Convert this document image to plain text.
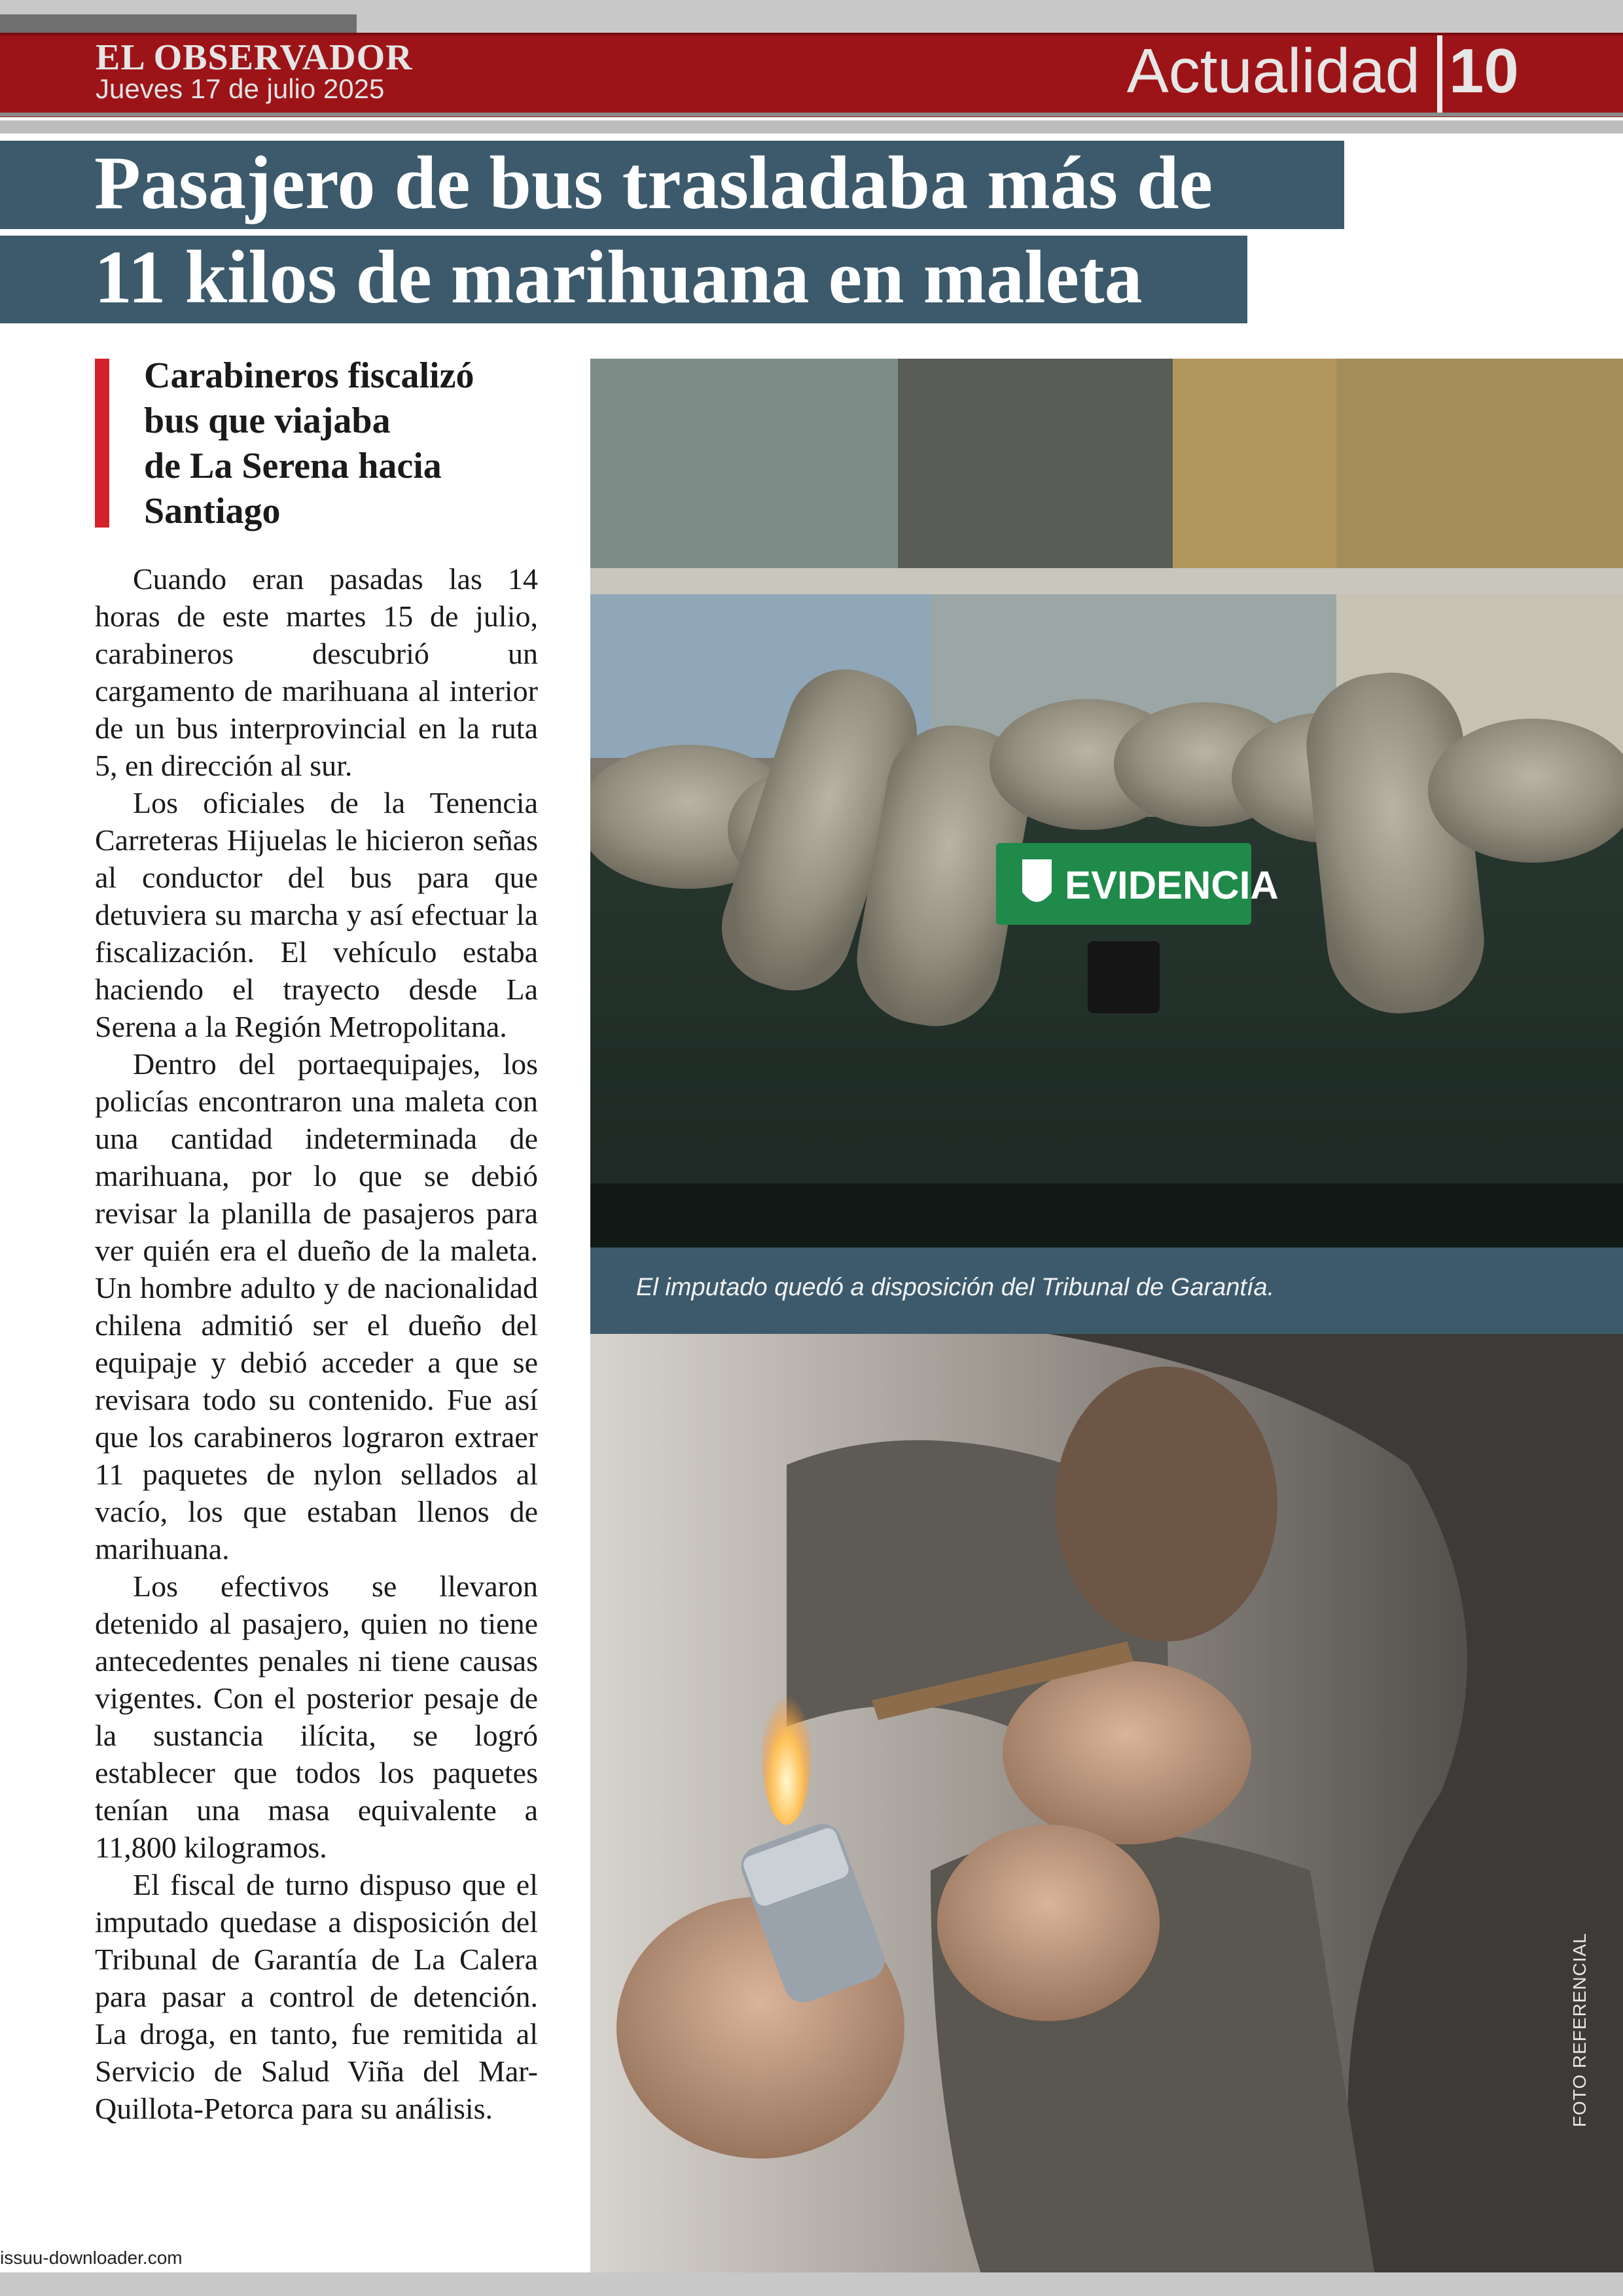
EL OBSERVADOR
Jueves 17 de julio 2025	Actualidad 10
Pasajero de bus trasladaba más de
11 kilos de marihuana en maleta
Carabineros fiscalizó
bus que viajaba
de La Serena hacia
Santiago

Cuando eran pasadas las 14 horas de este martes 15 de julio, carabineros descubrió un cargamento de marihuana al interior de un bus interprovincial en la ruta 5, en dirección al sur.

Los oficiales de la Tenencia Carreteras Hijuelas le hicieron señas al conductor del bus para que detuviera su marcha y así efectuar la fiscalización. El vehículo estaba haciendo el trayecto desde La Serena a la Región Metropolitana.

Dentro del portaequipajes, los policías encontraron una maleta con una cantidad indeterminada de marihuana, por lo que se debió revisar la planilla de pasajeros para ver quién era el dueño de la maleta. Un hombre adulto y de nacionalidad chilena admitió ser el dueño del equipaje y debió acceder a que se revisara todo su contenido. Fue así que los carabineros lograron extraer 11 paquetes de nylon sellados al vacío, los que estaban llenos de marihuana.

Los efectivos se llevaron detenido al pasajero, quien no tiene antecedentes penales ni tiene causas vigentes. Con el posterior pesaje de la sustancia ilícita, se logró establecer que todos los paquetes tenían una masa equivalente a 11,800 kilogramos.

El fiscal de turno dispuso que el imputado quedase a disposición del Tribunal de Garantía de La Calera para pasar a control de detención. La droga, en tanto, fue remitida al Servicio de Salud Viña del Mar-Quillota-Petorca para su análisis.

EVIDENCIA
El imputado quedó a disposición del Tribunal de Garantía.
FOTO REFERENCIAL
issuu-downloader.com
